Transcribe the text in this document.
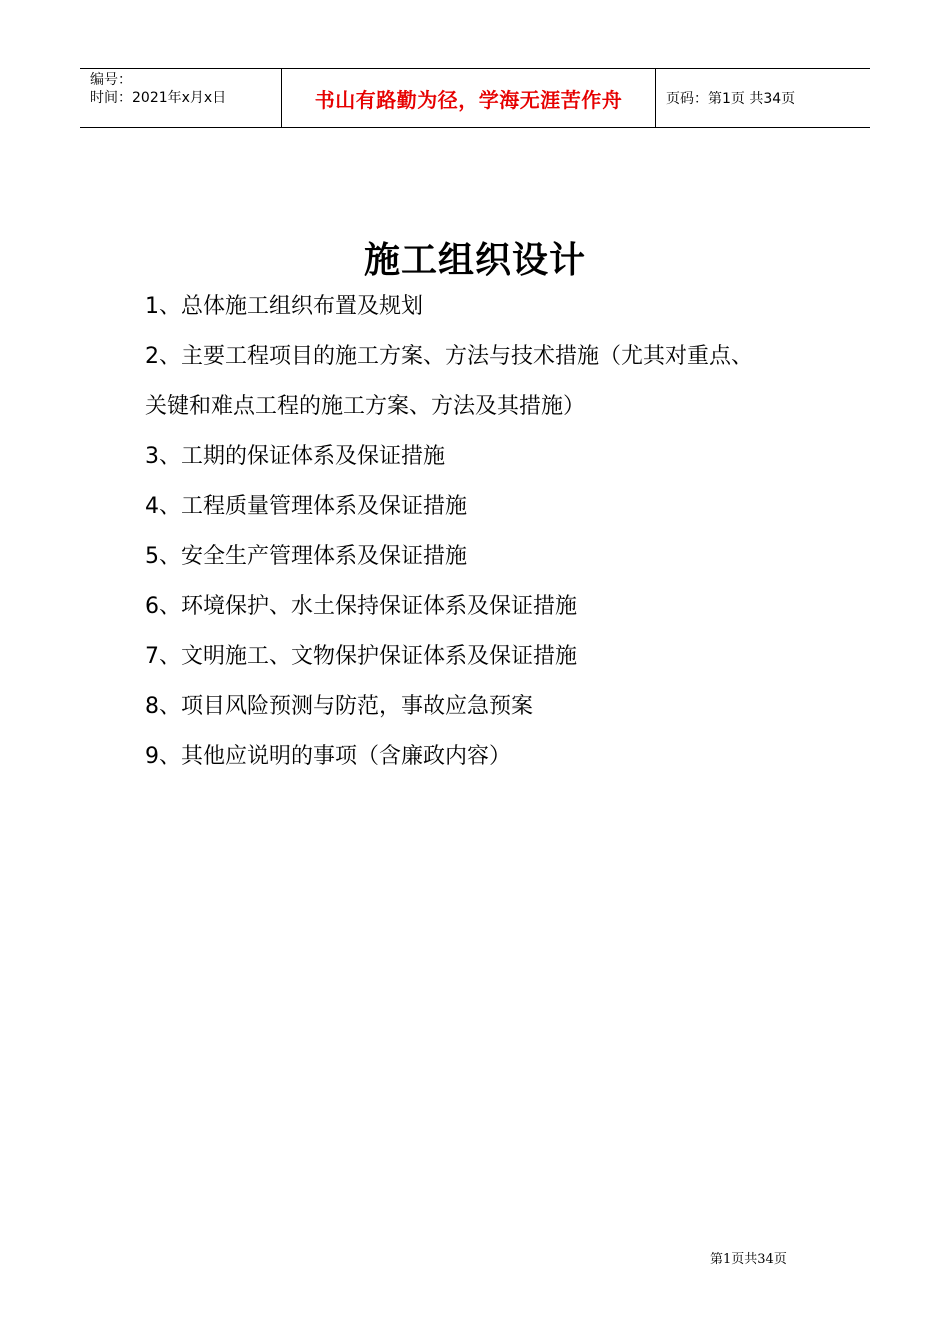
编号：
时间：2021年x月x日	书山有路勤为径，学海无涯苦作舟	页码：第1页 共34页
施工组织设计
1、总体施工组织布置及规划
2、主要工程项目的施工方案、方法与技术措施（尤其对重点、
关键和难点工程的施工方案、方法及其措施）
3、工期的保证体系及保证措施
4、工程质量管理体系及保证措施
5、安全生产管理体系及保证措施
6、环境保护、水土保持保证体系及保证措施
7、文明施工、文物保护保证体系及保证措施
8、项目风险预测与防范，事故应急预案
9、其他应说明的事项（含廉政内容）
第1页共34页
